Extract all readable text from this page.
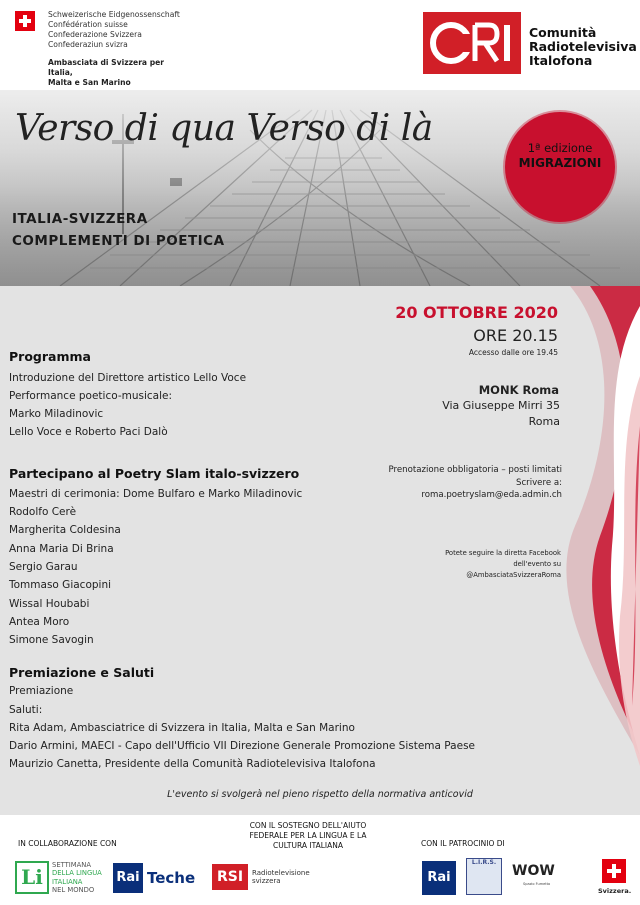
Schweizerische Eidgenossenschaft
Confédération suisse
Confederazione Svizzera
Confederaziun svizra
Ambasciata di Svizzera per Italia,
Malta e San Marino
Comunità
Radiotelevisiva
Italofona
Verso di qua Verso di là
ITALIA-SVIZZERA
COMPLEMENTI DI POETICA
1ª edizione
MIGRAZIONI
20 OTTOBRE 2020
ORE 20.15
Accesso dalle ore 19.45
MONK Roma
Via Giuseppe Mirri 35
Roma
Prenotazione obbligatoria – posti limitati
Scrivere a:
roma.poetryslam@eda.admin.ch
Potete seguire la diretta Facebook
dell'evento su
@AmbasciataSvizzeraRoma
Programma
Introduzione del Direttore artistico Lello Voce
Performance poetico-musicale:
Marko Miladinovic
Lello Voce e Roberto Paci Dalò
Partecipano al Poetry Slam italo-svizzero
Maestri di cerimonia: Dome Bulfaro e Marko Miladinovic
Rodolfo Cerè
Margherita Coldesina
Anna Maria Di Brina
Sergio Garau
Tommaso Giacopini
Wissal Houbabi
Antea Moro
Simone Savogin
Premiazione e Saluti
Premiazione
Saluti:
Rita Adam, Ambasciatrice di Svizzera in Italia, Malta e San Marino
Dario Armini, MAECI - Capo dell'Ufficio VII Direzione Generale Promozione Sistema Paese
Maurizio Canetta, Presidente della Comunità Radiotelevisiva Italofona
L'evento si svolgerà nel pieno rispetto della normativa anticovid
IN COLLABORAZIONE CON
CON IL SOSTEGNO DELL'AIUTO
FEDERALE PER LA LINGUA E LA
CULTURA ITALIANA	CON IL PATROCINIO DI
Li	SETTIMANA
DELLA LINGUA
ITALIANA
NEL MONDO
Rai Teche	RSI	Radiotelevisione
svizzera	Rai
L.I.R.S.
WOW
Spazio Fumetto
Svizzera.
